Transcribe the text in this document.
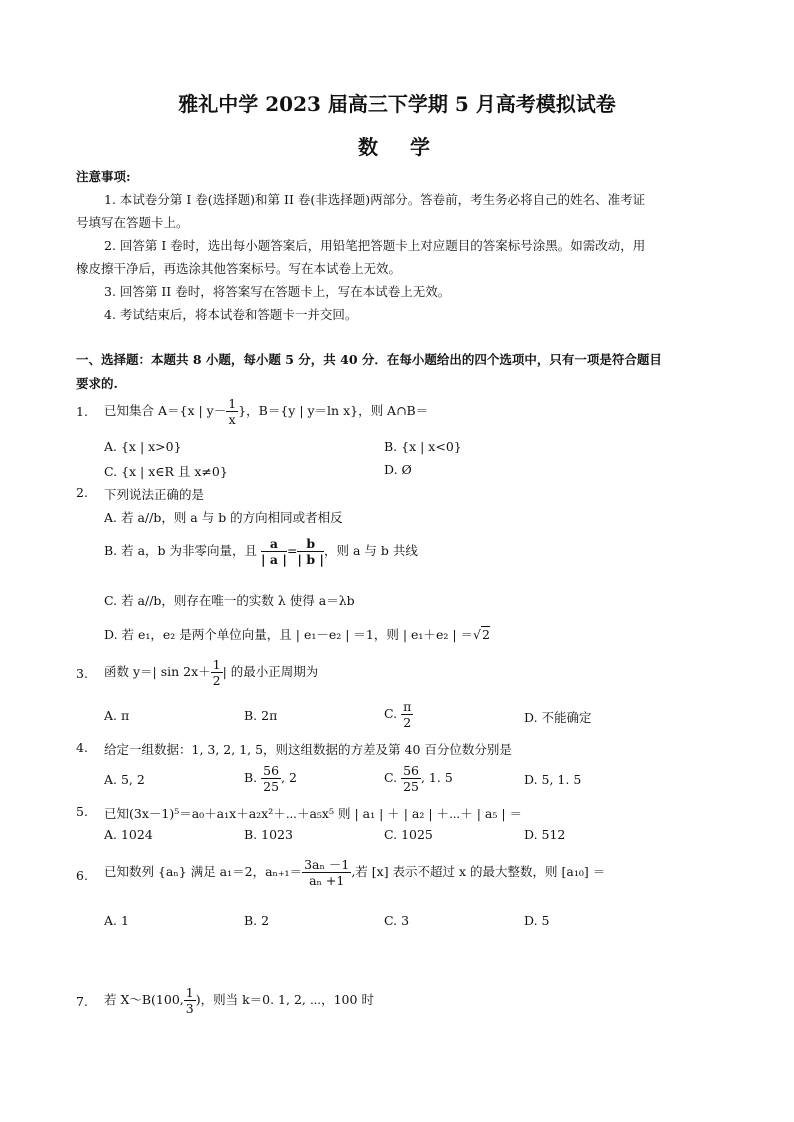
雅礼中学 2023 届高三下学期 5 月高考模拟试卷
数　学
注意事项:
1. 本试卷分第 I 卷(选择题)和第 II 卷(非选择题)两部分。答卷前，考生务必将自己的姓名、准考证
号填写在答题卡上。
2. 回答第 I 卷时，选出每小题答案后，用铅笔把答题卡上对应题目的答案标号涂黑。如需改动，用
橡皮擦干净后，再选涂其他答案标号。写在本试卷上无效。
3. 回答第 II 卷时，将答案写在答题卡上，写在本试卷上无效。
4. 考试结束后，将本试卷和答题卡一并交回。
一、选择题：本题共 8 小题，每小题 5 分，共 40 分．在每小题给出的四个选项中，只有一项是符合题目
要求的.
1. 已知集合 A＝{x | $y- \frac{1}{x}$ }，B＝{y | y＝ln x}，则 A∩B＝
A. {x | x>0}	B. {x | x<0}
C. {x | x∈R 且 x≠0}	D. Ø
2. 下列说法正确的是
A. 若 a//b，则 a 与 b 的方向相同或者相反
B. 若 a，b 为非零向量，且 $\frac{a}{| a |} = \frac{b}{| b |}$ ，则 a 与 b 共线
C. 若 a//b，则存在唯一的实数 λ 使得 a＝λb
D. 若 e₁，e₂ 是两个单位向量，且 | e₁－e₂ | ＝1，则 | e₁＋e₂ | ＝√2
3. 函数 y＝| $\sin 2x+ \frac{1}{2}$ | 的最小正周期为
A. π	B. 2π	C. $\frac{\pi}{2}$	D. 不能确定
4. 给定一组数据：1, 3, 2, 1, 5，则这组数据的方差及第 40 百分位数分别是
A. 5, 2	B. $\frac{56}{25}$ , 2	C. $\frac{56}{25}$ , 1. 5	D. 5, 1. 5
5. 已知(3x－1)⁵＝a₀＋a₁x＋a₂x²＋⋯＋a₅x⁵ 则 | a₁ | ＋ | a₂ | ＋⋯＋ | a₅ | ＝
A. 1024	B. 1023	C. 1025	D. 512
6. 已知数列 {aₙ} 满足 a₁＝2，$a_{n+1}= \frac{\text{3aₙ －1}}{\text{aₙ +1}}$ ,若 [x] 表示不超过 x 的最大整数，则 [a₁₀] ＝
A. 1	B. 2	C. 3	D. 5
7. 若 X～B(100, $\frac{1}{3}$ )，则当 k＝0. 1, 2, ⋯，100 时
